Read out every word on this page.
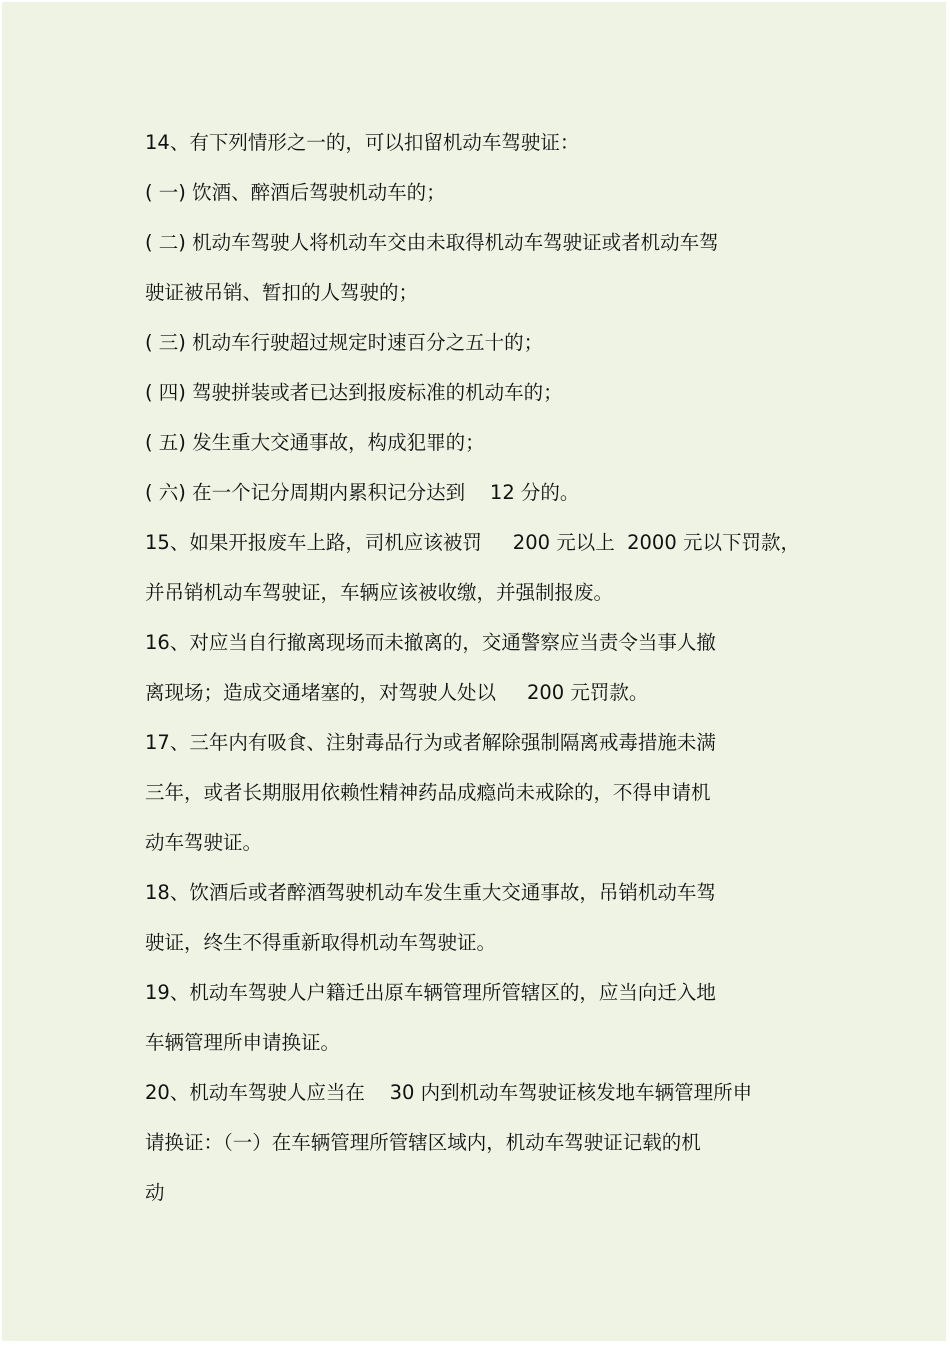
14、有下列情形之一的，可以扣留机动车驾驶证：
( 一) 饮酒、醉酒后驾驶机动车的；
( 二) 机动车驾驶人将机动车交由未取得机动车驾驶证或者机动车驾
驶证被吊销、暂扣的人驾驶的；
( 三) 机动车行驶超过规定时速百分之五十的；
( 四) 驾驶拼装或者已达到报废标准的机动车的；
( 五) 发生重大交通事故，构成犯罪的；
( 六) 在一个记分周期内累积记分达到    12 分的。
15、如果开报废车上路，司机应该被罚     200 元以上  2000 元以下罚款，
并吊销机动车驾驶证，车辆应该被收缴，并强制报废。
16、对应当自行撤离现场而未撤离的，交通警察应当责令当事人撤
离现场；造成交通堵塞的，对驾驶人处以     200 元罚款。
17、三年内有吸食、注射毒品行为或者解除强制隔离戒毒措施未满
三年，或者长期服用依赖性精神药品成瘾尚未戒除的，不得申请机
动车驾驶证。
18、饮酒后或者醉酒驾驶机动车发生重大交通事故，吊销机动车驾
驶证，终生不得重新取得机动车驾驶证。
19、机动车驾驶人户籍迁出原车辆管理所管辖区的，应当向迁入地
车辆管理所申请换证。
20、机动车驾驶人应当在    30 内到机动车驾驶证核发地车辆管理所申
请换证：（一）在车辆管理所管辖区域内，机动车驾驶证记载的机
动
